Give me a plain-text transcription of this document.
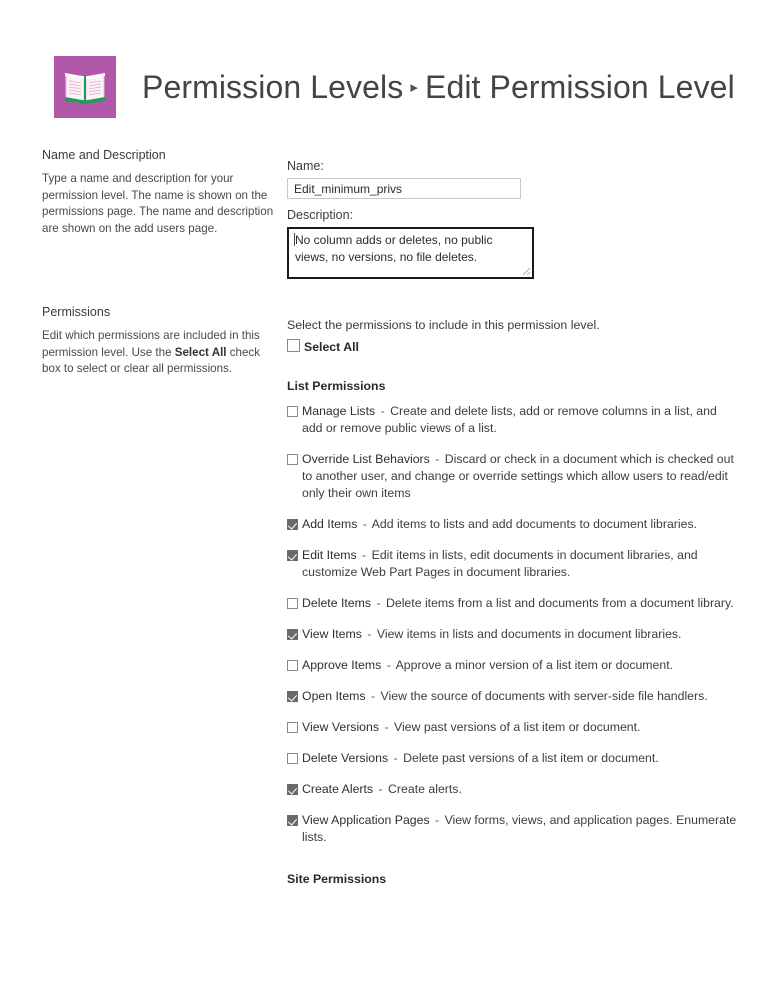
Permission Levels ▸ Edit Permission Level
Name and Description

Type a name and description for your permission level. The name is shown on the permissions page. The name and description are shown on the add users page.

Name:
Edit_minimum_privs
Description:
No column adds or deletes, no public views, no versions, no file deletes.
Permissions

Edit which permissions are included in this permission level. Use the Select All check box to select or clear all permissions.

Select the permissions to include in this permission level.
Select All
List Permissions
Manage Lists - Create and delete lists, add or remove columns in a list, and add or remove public views of a list.
Override List Behaviors - Discard or check in a document which is checked out to another user, and change or override settings which allow users to read/edit only their own items
Add Items - Add items to lists and add documents to document libraries.
Edit Items - Edit items in lists, edit documents in document libraries, and customize Web Part Pages in document libraries.
Delete Items - Delete items from a list and documents from a document library.
View Items - View items in lists and documents in document libraries.
Approve Items - Approve a minor version of a list item or document.
Open Items - View the source of documents with server-side file handlers.
View Versions - View past versions of a list item or document.
Delete Versions - Delete past versions of a list item or document.
Create Alerts - Create alerts.
View Application Pages - View forms, views, and application pages. Enumerate lists.
Site Permissions
